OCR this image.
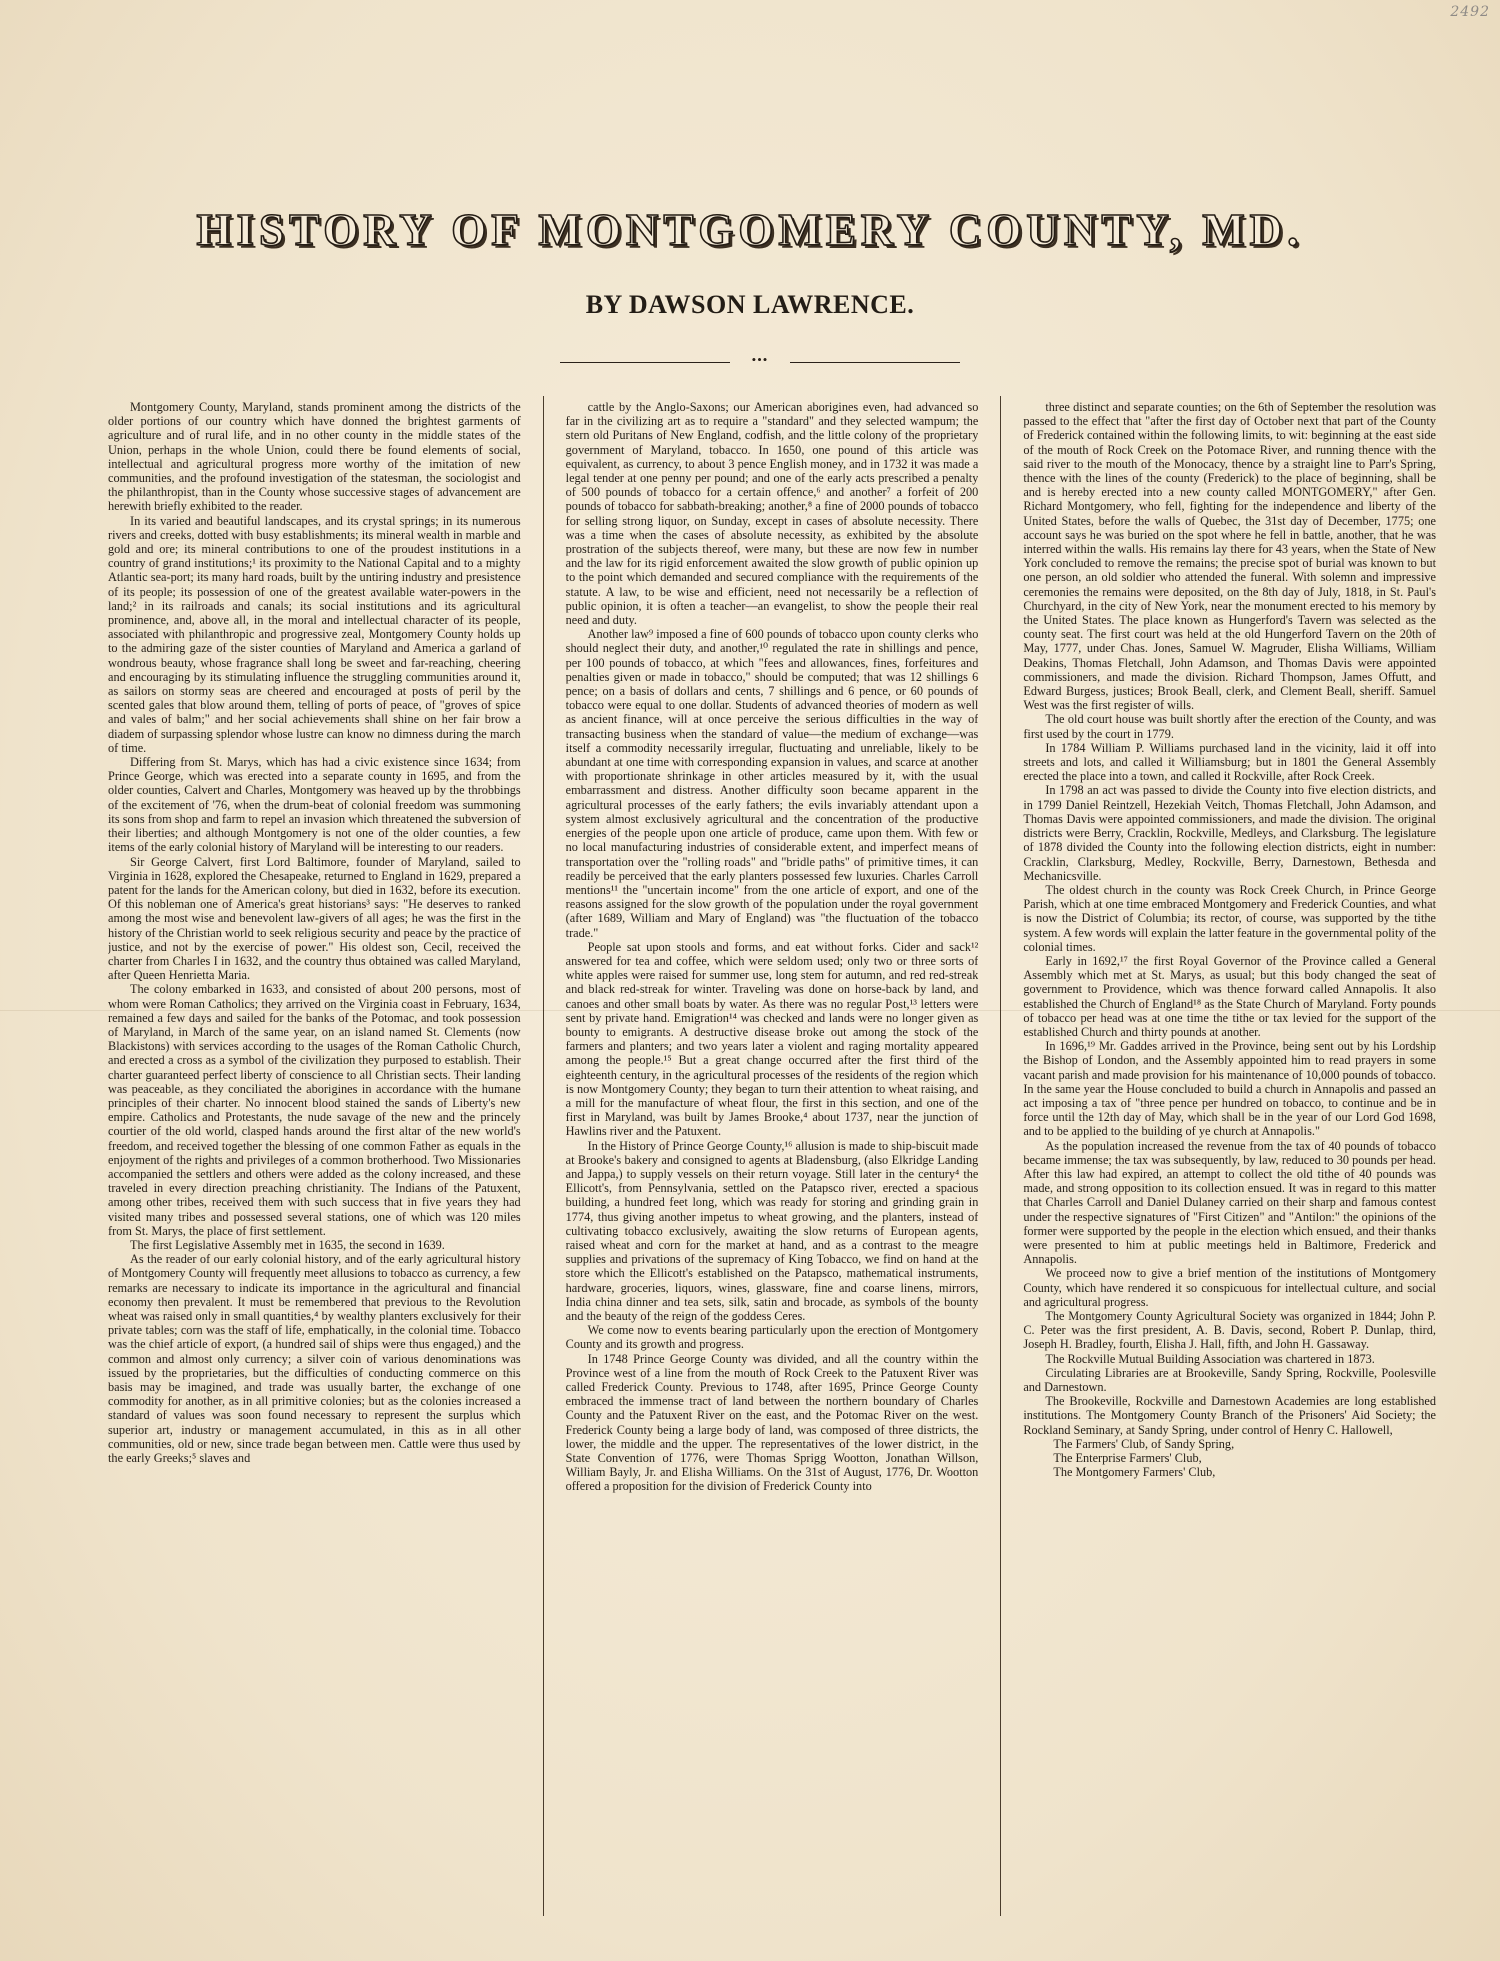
2492
HISTORY OF MONTGOMERY COUNTY, MD.
BY DAWSON LAWRENCE.
•••

Montgomery County, Maryland, stands prominent among the districts of the older portions of our country which have donned the brightest garments of agriculture and of rural life, and in no other county in the middle states of the Union, perhaps in the whole Union, could there be found elements of social, intellectual and agricultural progress more worthy of the imitation of new communities, and the profound investigation of the statesman, the sociologist and the philanthropist, than in the County whose successive stages of advancement are herewith briefly exhibited to the reader.

In its varied and beautiful landscapes, and its crystal springs; in its numerous rivers and creeks, dotted with busy establishments; its mineral wealth in marble and gold and ore; its mineral contributions to one of the proudest institutions in a country of grand institutions;¹ its proximity to the National Capital and to a mighty Atlantic sea-port; its many hard roads, built by the untiring industry and presistence of its people; its possession of one of the greatest available water-powers in the land;² in its railroads and canals; its social institutions and its agricultural prominence, and, above all, in the moral and intellectual character of its people, associated with philanthropic and progressive zeal, Montgomery County holds up to the admiring gaze of the sister counties of Maryland and America a garland of wondrous beauty, whose fragrance shall long be sweet and far-reaching, cheering and encouraging by its stimulating influence the struggling communities around it, as sailors on stormy seas are cheered and encouraged at posts of peril by the scented gales that blow around them, telling of ports of peace, of "groves of spice and vales of balm;" and her social achievements shall shine on her fair brow a diadem of surpassing splendor whose lustre can know no dimness during the march of time.

Differing from St. Marys, which has had a civic existence since 1634; from Prince George, which was erected into a separate county in 1695, and from the older counties, Calvert and Charles, Montgomery was heaved up by the throbbings of the excitement of '76, when the drum-beat of colonial freedom was summoning its sons from shop and farm to repel an invasion which threatened the subversion of their liberties; and although Montgomery is not one of the older counties, a few items of the early colonial history of Maryland will be interesting to our readers.

Sir George Calvert, first Lord Baltimore, founder of Maryland, sailed to Virginia in 1628, explored the Chesapeake, returned to England in 1629, prepared a patent for the lands for the American colony, but died in 1632, before its execution. Of this nobleman one of America's great historians³ says: "He deserves to ranked among the most wise and benevolent law-givers of all ages; he was the first in the history of the Christian world to seek religious security and peace by the practice of justice, and not by the exercise of power." His oldest son, Cecil, received the charter from Charles I in 1632, and the country thus obtained was called Maryland, after Queen Henrietta Maria.

The colony embarked in 1633, and consisted of about 200 persons, most of whom were Roman Catholics; they arrived on the Virginia coast in February, 1634, remained a few days and sailed for the banks of the Potomac, and took possession of Maryland, in March of the same year, on an island named St. Clements (now Blackistons) with services according to the usages of the Roman Catholic Church, and erected a cross as a symbol of the civilization they purposed to establish. Their charter guaranteed perfect liberty of conscience to all Christian sects. Their landing was peaceable, as they conciliated the aborigines in accordance with the humane principles of their charter. No innocent blood stained the sands of Liberty's new empire. Catholics and Protestants, the nude savage of the new and the princely courtier of the old world, clasped hands around the first altar of the new world's freedom, and received together the blessing of one common Father as equals in the enjoyment of the rights and privileges of a common brotherhood. Two Missionaries accompanied the settlers and others were added as the colony increased, and these traveled in every direction preaching christianity. The Indians of the Patuxent, among other tribes, received them with such success that in five years they had visited many tribes and possessed several stations, one of which was 120 miles from St. Marys, the place of first settlement.

The first Legislative Assembly met in 1635, the second in 1639.

As the reader of our early colonial history, and of the early agricultural history of Montgomery County will frequently meet allusions to tobacco as currency, a few remarks are necessary to indicate its importance in the agricultural and financial economy then prevalent. It must be remembered that previous to the Revolution wheat was raised only in small quantities,⁴ by wealthy planters exclusively for their private tables; corn was the staff of life, emphatically, in the colonial time. Tobacco was the chief article of export, (a hundred sail of ships were thus engaged,) and the common and almost only currency; a silver coin of various denominations was issued by the proprietaries, but the difficulties of conducting commerce on this basis may be imagined, and trade was usually barter, the exchange of one commodity for another, as in all primitive colonies; but as the colonies increased a standard of values was soon found necessary to represent the surplus which superior art, industry or management accumulated, in this as in all other communities, old or new, since trade began between men. Cattle were thus used by the early Greeks;⁵ slaves and

cattle by the Anglo-Saxons; our American aborigines even, had advanced so far in the civilizing art as to require a "standard" and they selected wampum; the stern old Puritans of New England, codfish, and the little colony of the proprietary government of Maryland, tobacco. In 1650, one pound of this article was equivalent, as currency, to about 3 pence English money, and in 1732 it was made a legal tender at one penny per pound; and one of the early acts prescribed a penalty of 500 pounds of tobacco for a certain offence,⁶ and another⁷ a forfeit of 200 pounds of tobacco for sabbath-breaking; another,⁸ a fine of 2000 pounds of tobacco for selling strong liquor, on Sunday, except in cases of absolute necessity. There was a time when the cases of absolute necessity, as exhibited by the absolute prostration of the subjects thereof, were many, but these are now few in number and the law for its rigid enforcement awaited the slow growth of public opinion up to the point which demanded and secured compliance with the requirements of the statute. A law, to be wise and efficient, need not necessarily be a reflection of public opinion, it is often a teacher—an evangelist, to show the people their real need and duty.

Another law⁹ imposed a fine of 600 pounds of tobacco upon county clerks who should neglect their duty, and another,¹⁰ regulated the rate in shillings and pence, per 100 pounds of tobacco, at which "fees and allowances, fines, forfeitures and penalties given or made in tobacco," should be computed; that was 12 shillings 6 pence; on a basis of dollars and cents, 7 shillings and 6 pence, or 60 pounds of tobacco were equal to one dollar. Students of advanced theories of modern as well as ancient finance, will at once perceive the serious difficulties in the way of transacting business when the standard of value—the medium of exchange—was itself a commodity necessarily irregular, fluctuating and unreliable, likely to be abundant at one time with corresponding expansion in values, and scarce at another with proportionate shrinkage in other articles measured by it, with the usual embarrassment and distress. Another difficulty soon became apparent in the agricultural processes of the early fathers; the evils invariably attendant upon a system almost exclusively agricultural and the concentration of the productive energies of the people upon one article of produce, came upon them. With few or no local manufacturing industries of considerable extent, and imperfect means of transportation over the "rolling roads" and "bridle paths" of primitive times, it can readily be perceived that the early planters possessed few luxuries. Charles Carroll mentions¹¹ the "uncertain income" from the one article of export, and one of the reasons assigned for the slow growth of the population under the royal government (after 1689, William and Mary of England) was "the fluctuation of the tobacco trade."

People sat upon stools and forms, and eat without forks. Cider and sack¹² answered for tea and coffee, which were seldom used; only two or three sorts of white apples were raised for summer use, long stem for autumn, and red red-streak and black red-streak for winter. Traveling was done on horse-back by land, and canoes and other small boats by water. As there was no regular Post,¹³ letters were sent by private hand. Emigration¹⁴ was checked and lands were no longer given as bounty to emigrants. A destructive disease broke out among the stock of the farmers and planters; and two years later a violent and raging mortality appeared among the people.¹⁵ But a great change occurred after the first third of the eighteenth century, in the agricultural processes of the residents of the region which is now Montgomery County; they began to turn their attention to wheat raising, and a mill for the manufacture of wheat flour, the first in this section, and one of the first in Maryland, was built by James Brooke,⁴ about 1737, near the junction of Hawlins river and the Patuxent.

In the History of Prince George County,¹⁶ allusion is made to ship-biscuit made at Brooke's bakery and consigned to agents at Bladensburg, (also Elkridge Landing and Jappa,) to supply vessels on their return voyage. Still later in the century⁴ the Ellicott's, from Pennsylvania, settled on the Patapsco river, erected a spacious building, a hundred feet long, which was ready for storing and grinding grain in 1774, thus giving another impetus to wheat growing, and the planters, instead of cultivating tobacco exclusively, awaiting the slow returns of European agents, raised wheat and corn for the market at hand, and as a contrast to the meagre supplies and privations of the supremacy of King Tobacco, we find on hand at the store which the Ellicott's established on the Patapsco, mathematical instruments, hardware, groceries, liquors, wines, glassware, fine and coarse linens, mirrors, India china dinner and tea sets, silk, satin and brocade, as symbols of the bounty and the beauty of the reign of the goddess Ceres.

We come now to events bearing particularly upon the erection of Montgomery County and its growth and progress.

In 1748 Prince George County was divided, and all the country within the Province west of a line from the mouth of Rock Creek to the Patuxent River was called Frederick County. Previous to 1748, after 1695, Prince George County embraced the immense tract of land between the northern boundary of Charles County and the Patuxent River on the east, and the Potomac River on the west. Frederick County being a large body of land, was composed of three districts, the lower, the middle and the upper. The representatives of the lower district, in the State Convention of 1776, were Thomas Sprigg Wootton, Jonathan Willson, William Bayly, Jr. and Elisha Williams. On the 31st of August, 1776, Dr. Wootton offered a proposition for the division of Frederick County into

three distinct and separate counties; on the 6th of September the resolution was passed to the effect that "after the first day of October next that part of the County of Frederick contained within the following limits, to wit: beginning at the east side of the mouth of Rock Creek on the Potomace River, and running thence with the said river to the mouth of the Monocacy, thence by a straight line to Parr's Spring, thence with the lines of the county (Frederick) to the place of beginning, shall be and is hereby erected into a new county called MONTGOMERY," after Gen. Richard Montgomery, who fell, fighting for the independence and liberty of the United States, before the walls of Quebec, the 31st day of December, 1775; one account says he was buried on the spot where he fell in battle, another, that he was interred within the walls. His remains lay there for 43 years, when the State of New York concluded to remove the remains; the precise spot of burial was known to but one person, an old soldier who attended the funeral. With solemn and impressive ceremonies the remains were deposited, on the 8th day of July, 1818, in St. Paul's Churchyard, in the city of New York, near the monument erected to his memory by the United States. The place known as Hungerford's Tavern was selected as the county seat. The first court was held at the old Hungerford Tavern on the 20th of May, 1777, under Chas. Jones, Samuel W. Magruder, Elisha Williams, William Deakins, Thomas Fletchall, John Adamson, and Thomas Davis were appointed commissioners, and made the division. Richard Thompson, James Offutt, and Edward Burgess, justices; Brook Beall, clerk, and Clement Beall, sheriff. Samuel West was the first register of wills.

The old court house was built shortly after the erection of the County, and was first used by the court in 1779.

In 1784 William P. Williams purchased land in the vicinity, laid it off into streets and lots, and called it Williamsburg; but in 1801 the General Assembly erected the place into a town, and called it Rockville, after Rock Creek.

In 1798 an act was passed to divide the County into five election districts, and in 1799 Daniel Reintzell, Hezekiah Veitch, Thomas Fletchall, John Adamson, and Thomas Davis were appointed commissioners, and made the division. The original districts were Berry, Cracklin, Rockville, Medleys, and Clarksburg. The legislature of 1878 divided the County into the following election districts, eight in number: Cracklin, Clarksburg, Medley, Rockville, Berry, Darnestown, Bethesda and Mechanicsville.

The oldest church in the county was Rock Creek Church, in Prince George Parish, which at one time embraced Montgomery and Frederick Counties, and what is now the District of Columbia; its rector, of course, was supported by the tithe system. A few words will explain the latter feature in the governmental polity of the colonial times.

Early in 1692,¹⁷ the first Royal Governor of the Province called a General Assembly which met at St. Marys, as usual; but this body changed the seat of government to Providence, which was thence forward called Annapolis. It also established the Church of England¹⁸ as the State Church of Maryland. Forty pounds of tobacco per head was at one time the tithe or tax levied for the support of the established Church and thirty pounds at another.

In 1696,¹⁹ Mr. Gaddes arrived in the Province, being sent out by his Lordship the Bishop of London, and the Assembly appointed him to read prayers in some vacant parish and made provision for his maintenance of 10,000 pounds of tobacco. In the same year the House concluded to build a church in Annapolis and passed an act imposing a tax of "three pence per hundred on tobacco, to continue and be in force until the 12th day of May, which shall be in the year of our Lord God 1698, and to be applied to the building of ye church at Annapolis."

As the population increased the revenue from the tax of 40 pounds of tobacco became immense; the tax was subsequently, by law, reduced to 30 pounds per head. After this law had expired, an attempt to collect the old tithe of 40 pounds was made, and strong opposition to its collection ensued. It was in regard to this matter that Charles Carroll and Daniel Dulaney carried on their sharp and famous contest under the respective signatures of "First Citizen" and "Antilon:" the opinions of the former were supported by the people in the election which ensued, and their thanks were presented to him at public meetings held in Baltimore, Frederick and Annapolis.

We proceed now to give a brief mention of the institutions of Montgomery County, which have rendered it so conspicuous for intellectual culture, and social and agricultural progress.

The Montgomery County Agricultural Society was organized in 1844; John P. C. Peter was the first president, A. B. Davis, second, Robert P. Dunlap, third, Joseph H. Bradley, fourth, Elisha J. Hall, fifth, and John H. Gassaway.

The Rockville Mutual Building Association was chartered in 1873.

Circulating Libraries are at Brookeville, Sandy Spring, Rockville, Poolesville and Darnestown.

The Brookeville, Rockville and Darnestown Academies are long established institutions. The Montgomery County Branch of the Prisoners' Aid Society; the Rockland Seminary, at Sandy Spring, under control of Henry C. Hallowell,

The Farmers' Club, of Sandy Spring,

The Enterprise Farmers' Club,

The Montgomery Farmers' Club,
